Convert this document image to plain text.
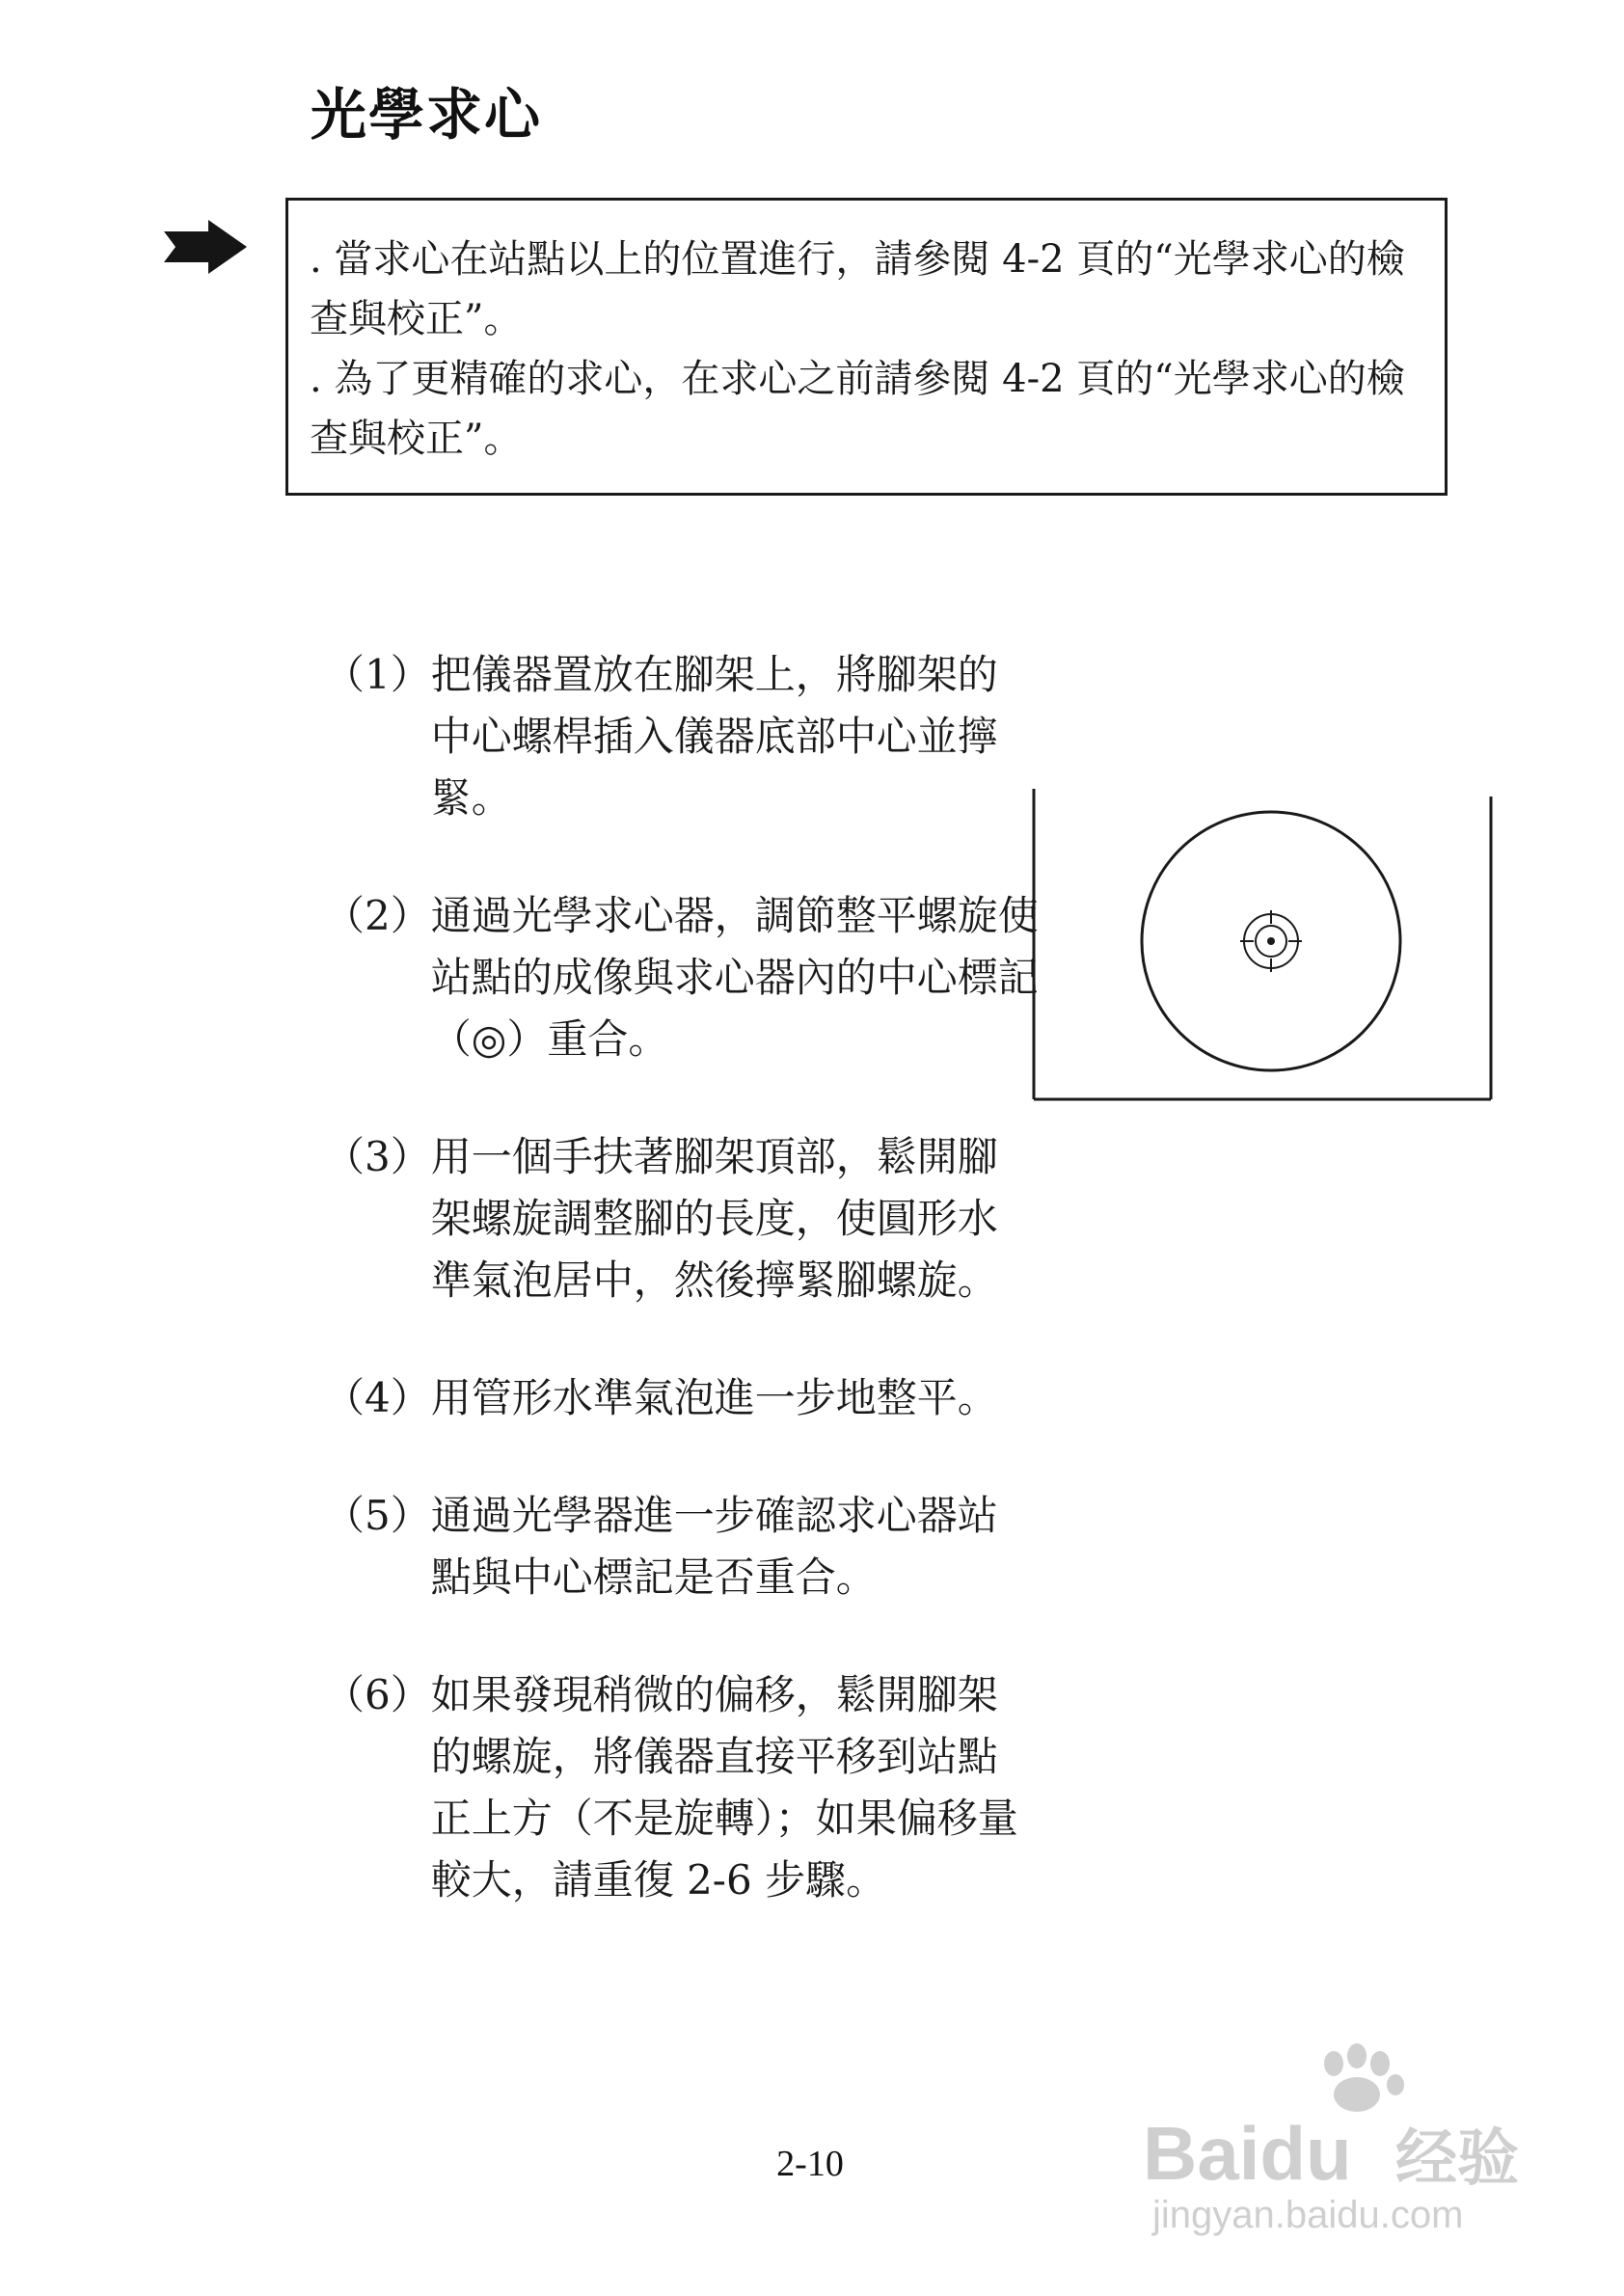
光學求心

. 當求心在站點以上的位置進行，請參閱 4-2 頁的“光學求心的檢查與校正”。

. 為了更精確的求心，在求心之前請參閱 4-2 頁的“光學求心的檢查與校正”。

（1） 把儀器置放在腳架上，將腳架的中心螺桿插入儀器底部中心並擰緊。
（2） 通過光學求心器，調節整平螺旋使站點的成像與求心器內的中心標記（◎）重合。
（3） 用一個手扶著腳架頂部，鬆開腳架螺旋調整腳的長度，使圓形水準氣泡居中，然後擰緊腳螺旋。
（4） 用管形水準氣泡進一步地整平。
（5） 通過光學器進一步確認求心器站點與中心標記是否重合。
（6） 如果發現稍微的偏移，鬆開腳架的螺旋，將儀器直接平移到站點正上方（不是旋轉）；如果偏移量較大，請重復 2-6 步驟。
2-10	Baidu 经验
jingyan.baidu.com
